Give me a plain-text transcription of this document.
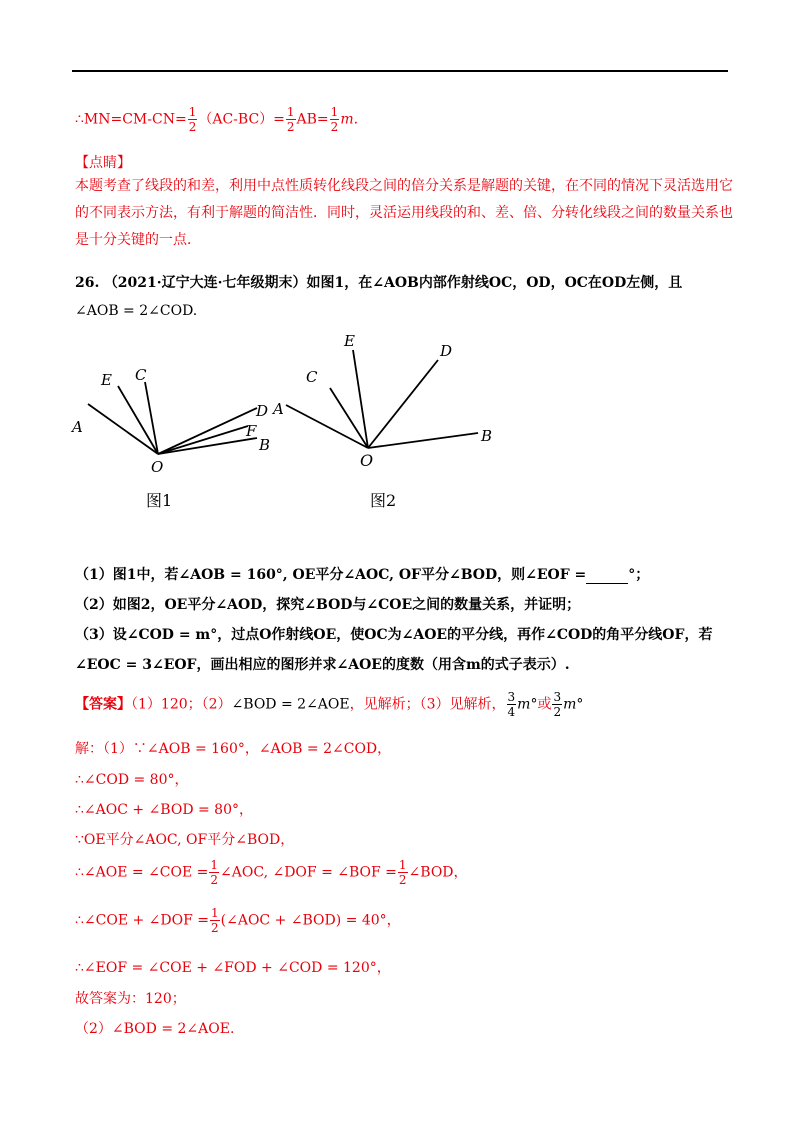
∴MN=CM-CN= $\frac{1}{2} (AC-BC)= \frac{1}{2} AB= \frac{1}{2} m$.
【点睛】
本题考查了线段的和差，利用中点性质转化线段之间的倍分关系是解题的关键，在不同的情况下灵活选用它的不同表示方法，有利于解题的简洁性．同时，灵活运用线段的和、差、倍、分转化线段之间的数量关系也是十分关键的一点．
26. （2021·辽宁大连·七年级期末）如图1，在∠AOB内部作射线OC，OD，OC在OD左侧，且
∠AOB = 2∠COD.
A
E C
D
F
B
O
图1
A
C
E
D
B
O
图2
（1）图1中，若∠AOB = 160°, OE平分∠AOC, OF平分∠BOD，则∠EOF =	°；
（2）如图2，OE平分∠AOD，探究∠BOD与∠COE之间的数量关系，并证明；
（3）设∠COD = m°，过点O作射线OE，使OC为∠AOE的平分线，再作∠COD的角平分线OF，若
∠EOC = 3∠EOF，画出相应的图形并求∠AOE的度数（用含m的式子表示）.
【答案】（1）120；（2）∠BOD = 2∠AOE，见解析；（3）见解析， $\frac{3}{4} m^\circ$或 $\frac{3}{2} m^\circ$
解：（1）∵∠AOB = 160°，∠AOB = 2∠COD，
∴∠COD = 80°，
∴∠AOC + ∠BOD = 80°，
∵OE平分∠AOC, OF平分∠BOD，
∴∠AOE = ∠COE = $\frac{1}{2}$ ∠AOC, ∠DOF = ∠BOF = $\frac{1}{2}$ ∠BOD，
∴∠COE + ∠DOF = $\frac{1}{2}$ (∠AOC + ∠BOD) = 40°，
∴∠EOF = ∠COE + ∠FOD + ∠COD = 120°，
故答案为：120；
（2）∠BOD = 2∠AOE.
